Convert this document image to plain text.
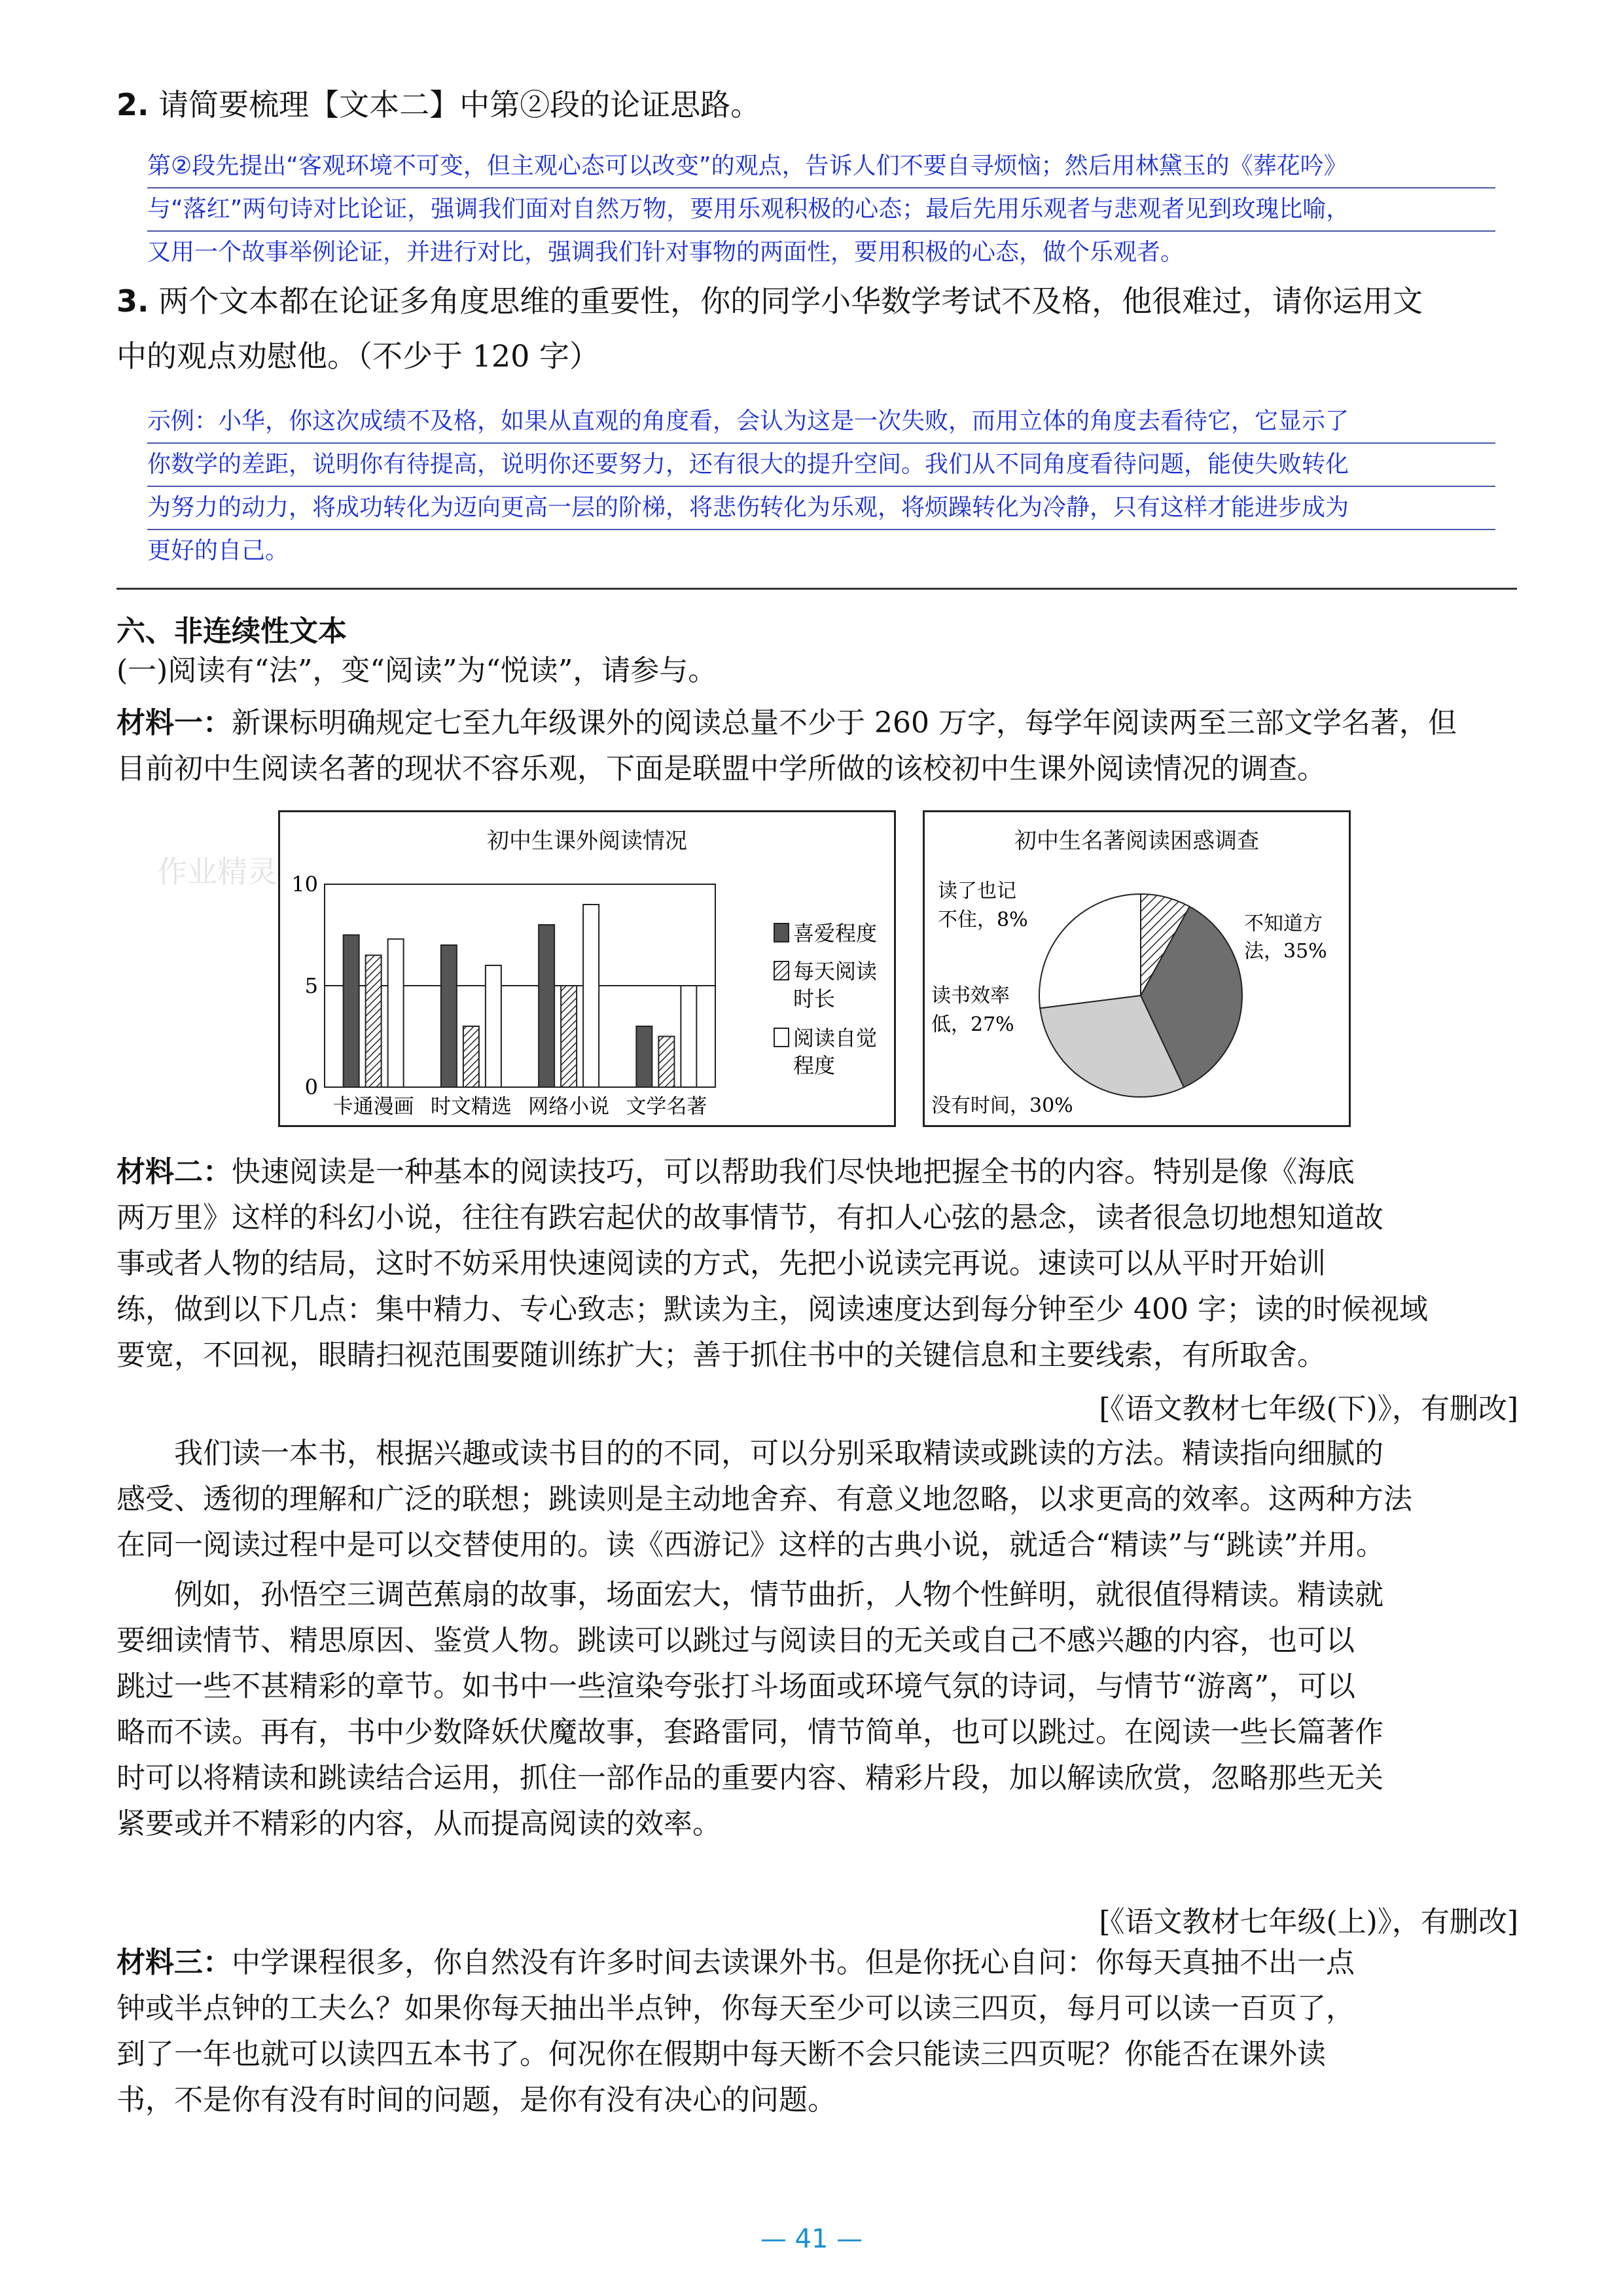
2. 请简要梳理【文本二】中第②段的论证思路。
第②段先提出“客观环境不可变，但主观心态可以改变”的观点，告诉人们不要自寻烦恼；然后用林黛玉的《葬花吟》
与“落红”两句诗对比论证，强调我们面对自然万物，要用乐观积极的心态；最后先用乐观者与悲观者见到玫瑰比喻，
又用一个故事举例论证，并进行对比，强调我们针对事物的两面性，要用积极的心态，做个乐观者。
3. 两个文本都在论证多角度思维的重要性，你的同学小华数学考试不及格，他很难过，请你运用文
中的观点劝慰他。（不少于 120 字）
示例：小华，你这次成绩不及格，如果从直观的角度看，会认为这是一次失败，而用立体的角度去看待它，它显示了
你数学的差距，说明你有待提高，说明你还要努力，还有很大的提升空间。我们从不同角度看待问题，能使失败转化
为努力的动力，将成功转化为迈向更高一层的阶梯，将悲伤转化为乐观，将烦躁转化为冷静，只有这样才能进步成为
更好的自己。
六、非连续性文本
(一)阅读有“法”，变“阅读”为“悦读”，请参与。
材料一：新课标明确规定七至九年级课外的阅读总量不少于 260 万字，每学年阅读两至三部文学名著，但
目前初中生阅读名著的现状不容乐观，下面是联盟中学所做的该校初中生课外阅读情况的调查。
初中生课外阅读情况
0
5
10
卡通漫画 时文精选 网络小说 文学名著
喜爱程度
每天阅读
时长
阅读自觉
程度
初中生名著阅读困惑调查
不知道方
法，35%
没有时间，30%
读书效率
低，27%
读了也记
不住，8%
材料二：快速阅读是一种基本的阅读技巧，可以帮助我们尽快地把握全书的内容。特别是像《海底
两万里》这样的科幻小说，往往有跌宕起伏的故事情节，有扣人心弦的悬念，读者很急切地想知道故
事或者人物的结局，这时不妨采用快速阅读的方式，先把小说读完再说。速读可以从平时开始训
练，做到以下几点：集中精力、专心致志；默读为主，阅读速度达到每分钟至少 400 字；读的时候视域
要宽，不回视，眼睛扫视范围要随训练扩大；善于抓住书中的关键信息和主要线索，有所取舍。
[《语文教材七年级(下)》，有删改]
我们读一本书，根据兴趣或读书目的的不同，可以分别采取精读或跳读的方法。精读指向细腻的
感受、透彻的理解和广泛的联想；跳读则是主动地舍弃、有意义地忽略，以求更高的效率。这两种方法
在同一阅读过程中是可以交替使用的。读《西游记》这样的古典小说，就适合“精读”与“跳读”并用。
例如，孙悟空三调芭蕉扇的故事，场面宏大，情节曲折，人物个性鲜明，就很值得精读。精读就
要细读情节、精思原因、鉴赏人物。跳读可以跳过与阅读目的无关或自己不感兴趣的内容，也可以
跳过一些不甚精彩的章节。如书中一些渲染夸张打斗场面或环境气氛的诗词，与情节“游离”，可以
略而不读。再有，书中少数降妖伏魔故事，套路雷同，情节简单，也可以跳过。在阅读一些长篇著作
时可以将精读和跳读结合运用，抓住一部作品的重要内容、精彩片段，加以解读欣赏，忽略那些无关
紧要或并不精彩的内容，从而提高阅读的效率。
[《语文教材七年级(上)》，有删改]
材料三：中学课程很多，你自然没有许多时间去读课外书。但是你抚心自问：你每天真抽不出一点
钟或半点钟的工夫么？如果你每天抽出半点钟，你每天至少可以读三四页，每月可以读一百页了，
到了一年也就可以读四五本书了。何况你在假期中每天断不会只能读三四页呢？你能否在课外读
书，不是你有没有时间的问题，是你有没有决心的问题。
— 41 —
作业精灵
